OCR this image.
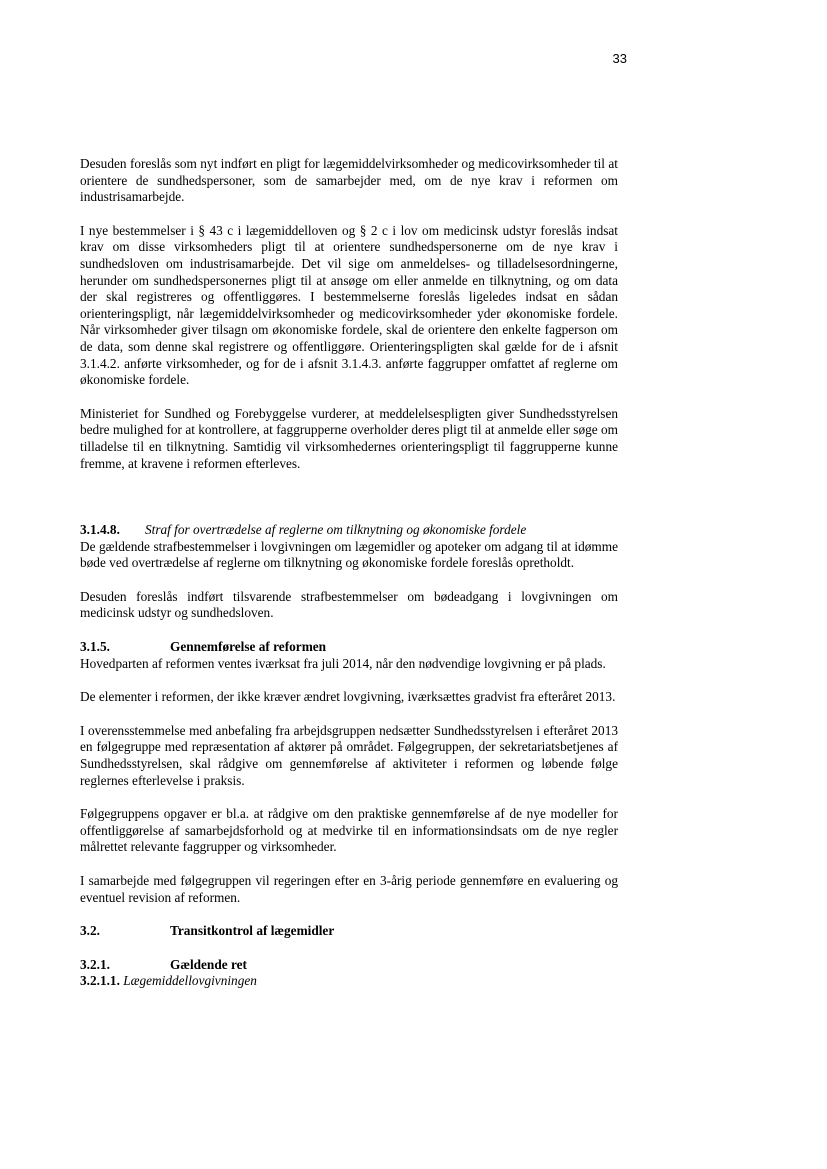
33

Desuden foreslås som nyt indført en pligt for lægemiddelvirksomheder og medicovirksomheder til at orientere de sundhedspersoner, som de samarbejder med, om de nye krav i reformen om industrisamarbejde.

I nye bestemmelser i § 43 c i lægemiddelloven og § 2 c i lov om medicinsk udstyr foreslås indsat krav om disse virksomheders pligt til at orientere sundhedspersonerne om de nye krav i sundhedsloven om industrisamarbejde. Det vil sige om anmeldelses- og tilladelsesordningerne, herunder om sundhedspersonernes pligt til at ansøge om eller anmelde en tilknytning, og om data der skal registreres og offentliggøres. I bestemmelserne foreslås ligeledes indsat en sådan orienteringspligt, når lægemiddelvirksomheder og medicovirksomheder yder økonomiske fordele. Når virksomheder giver tilsagn om økonomiske fordele, skal de orientere den enkelte fagperson om de data, som denne skal registrere og offentliggøre. Orienteringspligten skal gælde for de i afsnit 3.1.4.2. anførte virksomheder, og for de i afsnit 3.1.4.3. anførte faggrupper omfattet af reglerne om økonomiske fordele.

Ministeriet for Sundhed og Forebyggelse vurderer, at meddelelsespligten giver Sundhedsstyrelsen bedre mulighed for at kontrollere, at faggrupperne overholder deres pligt til at anmelde eller søge om tilladelse til en tilknytning. Samtidig vil virksomhedernes orienteringspligt til faggrupperne kunne fremme, at kravene i reformen efterleves.

3.1.4.8.	Straf for overtrædelse af reglerne om tilknytning og økonomiske fordele

De gældende strafbestemmelser i lovgivningen om lægemidler og apoteker om adgang til at idømme bøde ved overtrædelse af reglerne om tilknytning og økonomiske fordele foreslås opretholdt.

Desuden foreslås indført tilsvarende strafbestemmelser om bødeadgang i lovgivningen om medicinsk udstyr og sundhedsloven.

3.1.5.	Gennemførelse af reformen

Hovedparten af reformen ventes iværksat fra juli 2014, når den nødvendige lovgivning er på plads.

De elementer i reformen, der ikke kræver ændret lovgivning, iværksættes gradvist fra efteråret 2013.

I overensstemmelse med anbefaling fra arbejdsgruppen nedsætter Sundhedsstyrelsen i efteråret 2013 en følgegruppe med repræsentation af aktører på området. Følgegruppen, der sekretariatsbetjenes af Sundhedsstyrelsen, skal rådgive om gennemførelse af aktiviteter i reformen og løbende følge reglernes efterlevelse i praksis.

Følgegruppens opgaver er bl.a. at rådgive om den praktiske gennemførelse af de nye modeller for offentliggørelse af samarbejdsforhold og at medvirke til en informationsindsats om de nye regler målrettet relevante faggrupper og virksomheder.

I samarbejde med følgegruppen vil regeringen efter en 3-årig periode gennemføre en evaluering og eventuel revision af reformen.

3.2.	Transitkontrol af lægemidler
3.2.1.	Gældende ret
3.2.1.1. Lægemiddellovgivningen
